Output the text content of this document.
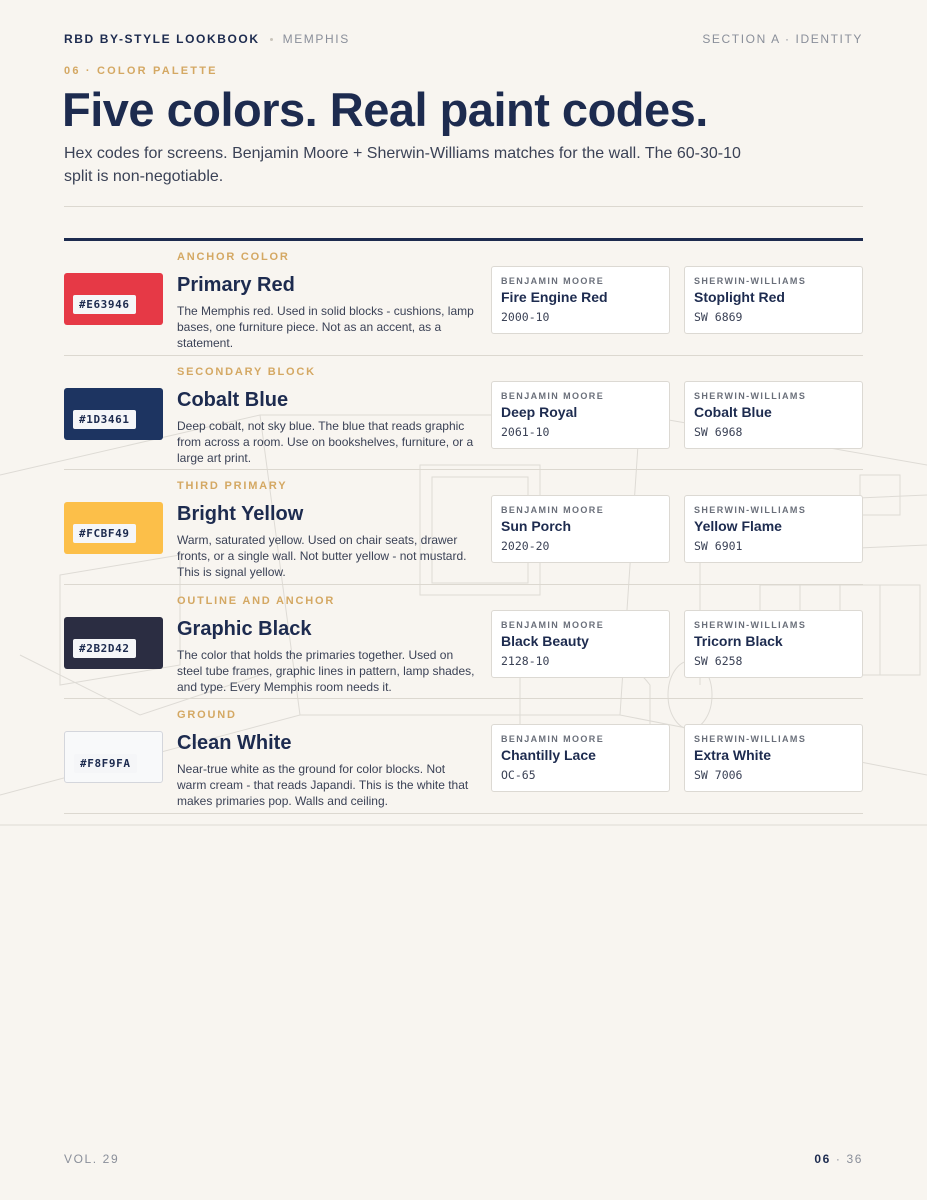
RBD BY-STYLE LOOKBOOK MEMPHIS	SECTION A · IDENTITY
06 · COLOR PALETTE
Five colors. Real paint codes.

Hex codes for screens. Benjamin Moore + Sherwin-Williams matches for the wall. The 60-30-10 split is non-negotiable.

#E63946
ANCHOR COLOR
Primary Red
The Memphis red. Used in solid blocks - cushions, lamp bases, one furniture piece. Not as an accent, as a statement.
BENJAMIN MOORE
Fire Engine Red
2000-10
SHERWIN-WILLIAMS
Stoplight Red
SW 6869
#1D3461
SECONDARY BLOCK
Cobalt Blue
Deep cobalt, not sky blue. The blue that reads graphic from across a room. Use on bookshelves, furniture, or a large art print.
BENJAMIN MOORE
Deep Royal
2061-10
SHERWIN-WILLIAMS
Cobalt Blue
SW 6968
#FCBF49
THIRD PRIMARY
Bright Yellow
Warm, saturated yellow. Used on chair seats, drawer fronts, or a single wall. Not butter yellow - not mustard. This is signal yellow.
BENJAMIN MOORE
Sun Porch
2020-20
SHERWIN-WILLIAMS
Yellow Flame
SW 6901
#2B2D42
OUTLINE AND ANCHOR
Graphic Black
The color that holds the primaries together. Used on steel tube frames, graphic lines in pattern, lamp shades, and type. Every Memphis room needs it.
BENJAMIN MOORE
Black Beauty
2128-10
SHERWIN-WILLIAMS
Tricorn Black
SW 6258
#F8F9FA
GROUND
Clean White
Near-true white as the ground for color blocks. Not warm cream - that reads Japandi. This is the white that makes primaries pop. Walls and ceiling.
BENJAMIN MOORE
Chantilly Lace
OC-65
SHERWIN-WILLIAMS
Extra White
SW 7006
VOL. 29	06 · 36
